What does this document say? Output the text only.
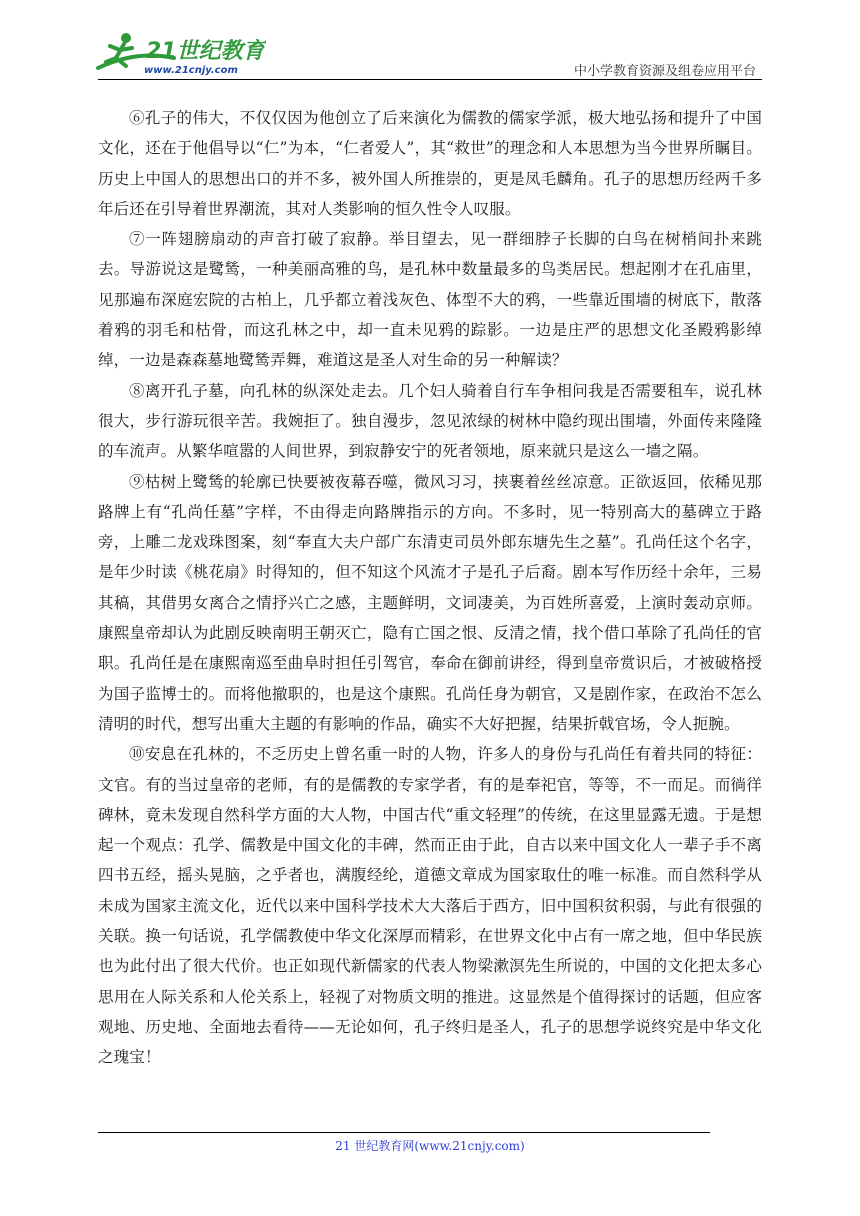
21世纪教育
www.21cnjy.com	中小学教育资源及组卷应用平台

⑥孔子的伟大，不仅仅因为他创立了后来演化为儒教的儒家学派，极大地弘扬和提升了中国文化，还在于他倡导以“仁”为本，“仁者爱人”，其“救世”的理念和人本思想为当今世界所瞩目。历史上中国人的思想出口的并不多，被外国人所推崇的，更是凤毛麟角。孔子的思想历经两千多年后还在引导着世界潮流，其对人类影响的恒久性令人叹服。

⑦一阵翅膀扇动的声音打破了寂静。举目望去，见一群细脖子长脚的白鸟在树梢间扑来跳去。导游说这是鹭鸶，一种美丽高雅的鸟，是孔林中数量最多的鸟类居民。想起刚才在孔庙里，见那遍布深庭宏院的古柏上，几乎都立着浅灰色、体型不大的鸦，一些靠近围墙的树底下，散落着鸦的羽毛和枯骨，而这孔林之中，却一直未见鸦的踪影。一边是庄严的思想文化圣殿鸦影绰绰，一边是森森墓地鹭鸶弄舞，难道这是圣人对生命的另一种解读？

⑧离开孔子墓，向孔林的纵深处走去。几个妇人骑着自行车争相问我是否需要租车，说孔林很大，步行游玩很辛苦。我婉拒了。独自漫步，忽见浓绿的树林中隐约现出围墙，外面传来隆隆的车流声。从繁华喧嚣的人间世界，到寂静安宁的死者领地，原来就只是这么一墙之隔。

⑨枯树上鹭鸶的轮廓已快要被夜幕吞噬，微风习习，挟裹着丝丝凉意。正欲返回，依稀见那路牌上有“孔尚任墓”字样，不由得走向路牌指示的方向。不多时，见一特别高大的墓碑立于路旁，上雕二龙戏珠图案，刻“奉直大夫户部广东清吏司员外郎东塘先生之墓”。孔尚任这个名字，是年少时读《桃花扇》时得知的，但不知这个风流才子是孔子后裔。剧本写作历经十余年，三易其稿，其借男女离合之情抒兴亡之感，主题鲜明，文词凄美，为百姓所喜爱，上演时轰动京师。康熙皇帝却认为此剧反映南明王朝灭亡，隐有亡国之恨、反清之情，找个借口革除了孔尚任的官职。孔尚任是在康熙南巡至曲阜时担任引驾官，奉命在御前讲经，得到皇帝赏识后，才被破格授为国子监博士的。而将他撤职的，也是这个康熙。孔尚任身为朝官，又是剧作家，在政治不怎么清明的时代，想写出重大主题的有影响的作品，确实不大好把握，结果折戟官场，令人扼腕。

⑩安息在孔林的，不乏历史上曾名重一时的人物，许多人的身份与孔尚任有着共同的特征：文官。有的当过皇帝的老师，有的是儒教的专家学者，有的是奉祀官，等等，不一而足。而徜徉碑林，竟未发现自然科学方面的大人物，中国古代“重文轻理”的传统，在这里显露无遗。于是想起一个观点：孔学、儒教是中国文化的丰碑，然而正由于此，自古以来中国文化人一辈子手不离四书五经，摇头晃脑，之乎者也，满腹经纶，道德文章成为国家取仕的唯一标准。而自然科学从未成为国家主流文化，近代以来中国科学技术大大落后于西方，旧中国积贫积弱，与此有很强的关联。换一句话说，孔学儒教使中华文化深厚而精彩，在世界文化中占有一席之地，但中华民族也为此付出了很大代价。也正如现代新儒家的代表人物梁漱溟先生所说的，中国的文化把太多心思用在人际关系和人伦关系上，轻视了对物质文明的推进。这显然是个值得探讨的话题，但应客观地、历史地、全面地去看待——无论如何，孔子终归是圣人，孔子的思想学说终究是中华文化之瑰宝！

21 世纪教育网(www.21cnjy.com)
